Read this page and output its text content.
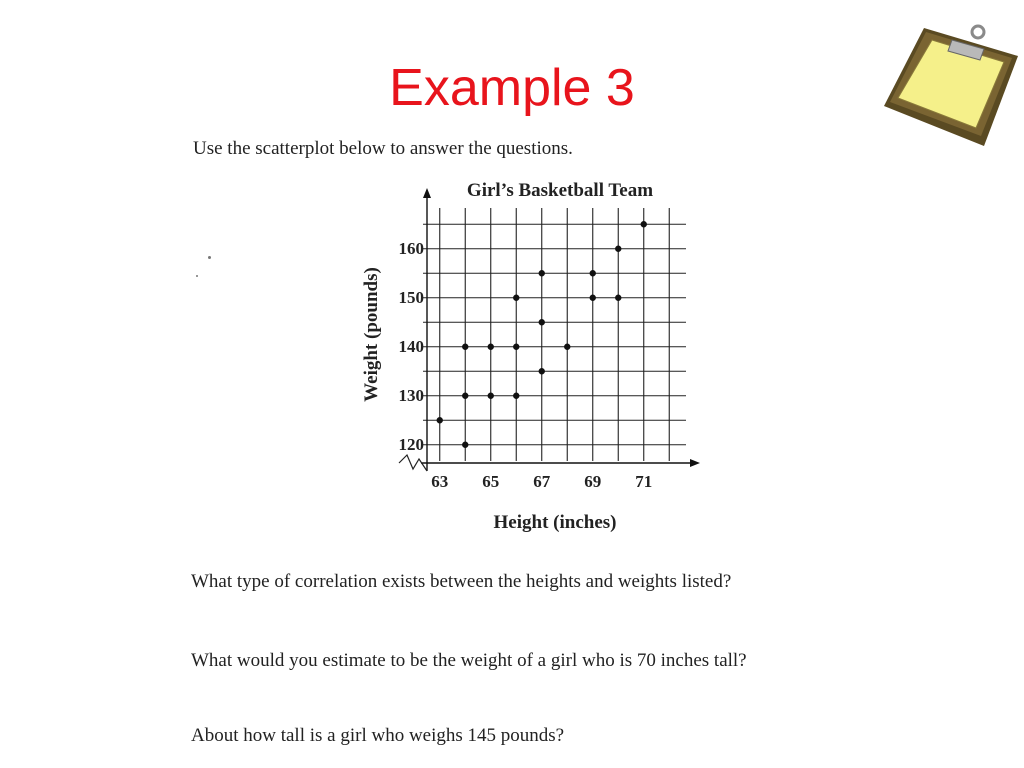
Example 3
Use the scatterplot below to answer the questions.
63 65 67 69 71
120
130
140
150
160
Girl’s Basketball Team
Height (inches)
Weight (pounds)
What type of correlation exists between the heights and weights listed?
What would you estimate to be the weight of a girl who is 70 inches tall?
About how tall is a girl who weighs 145 pounds?
